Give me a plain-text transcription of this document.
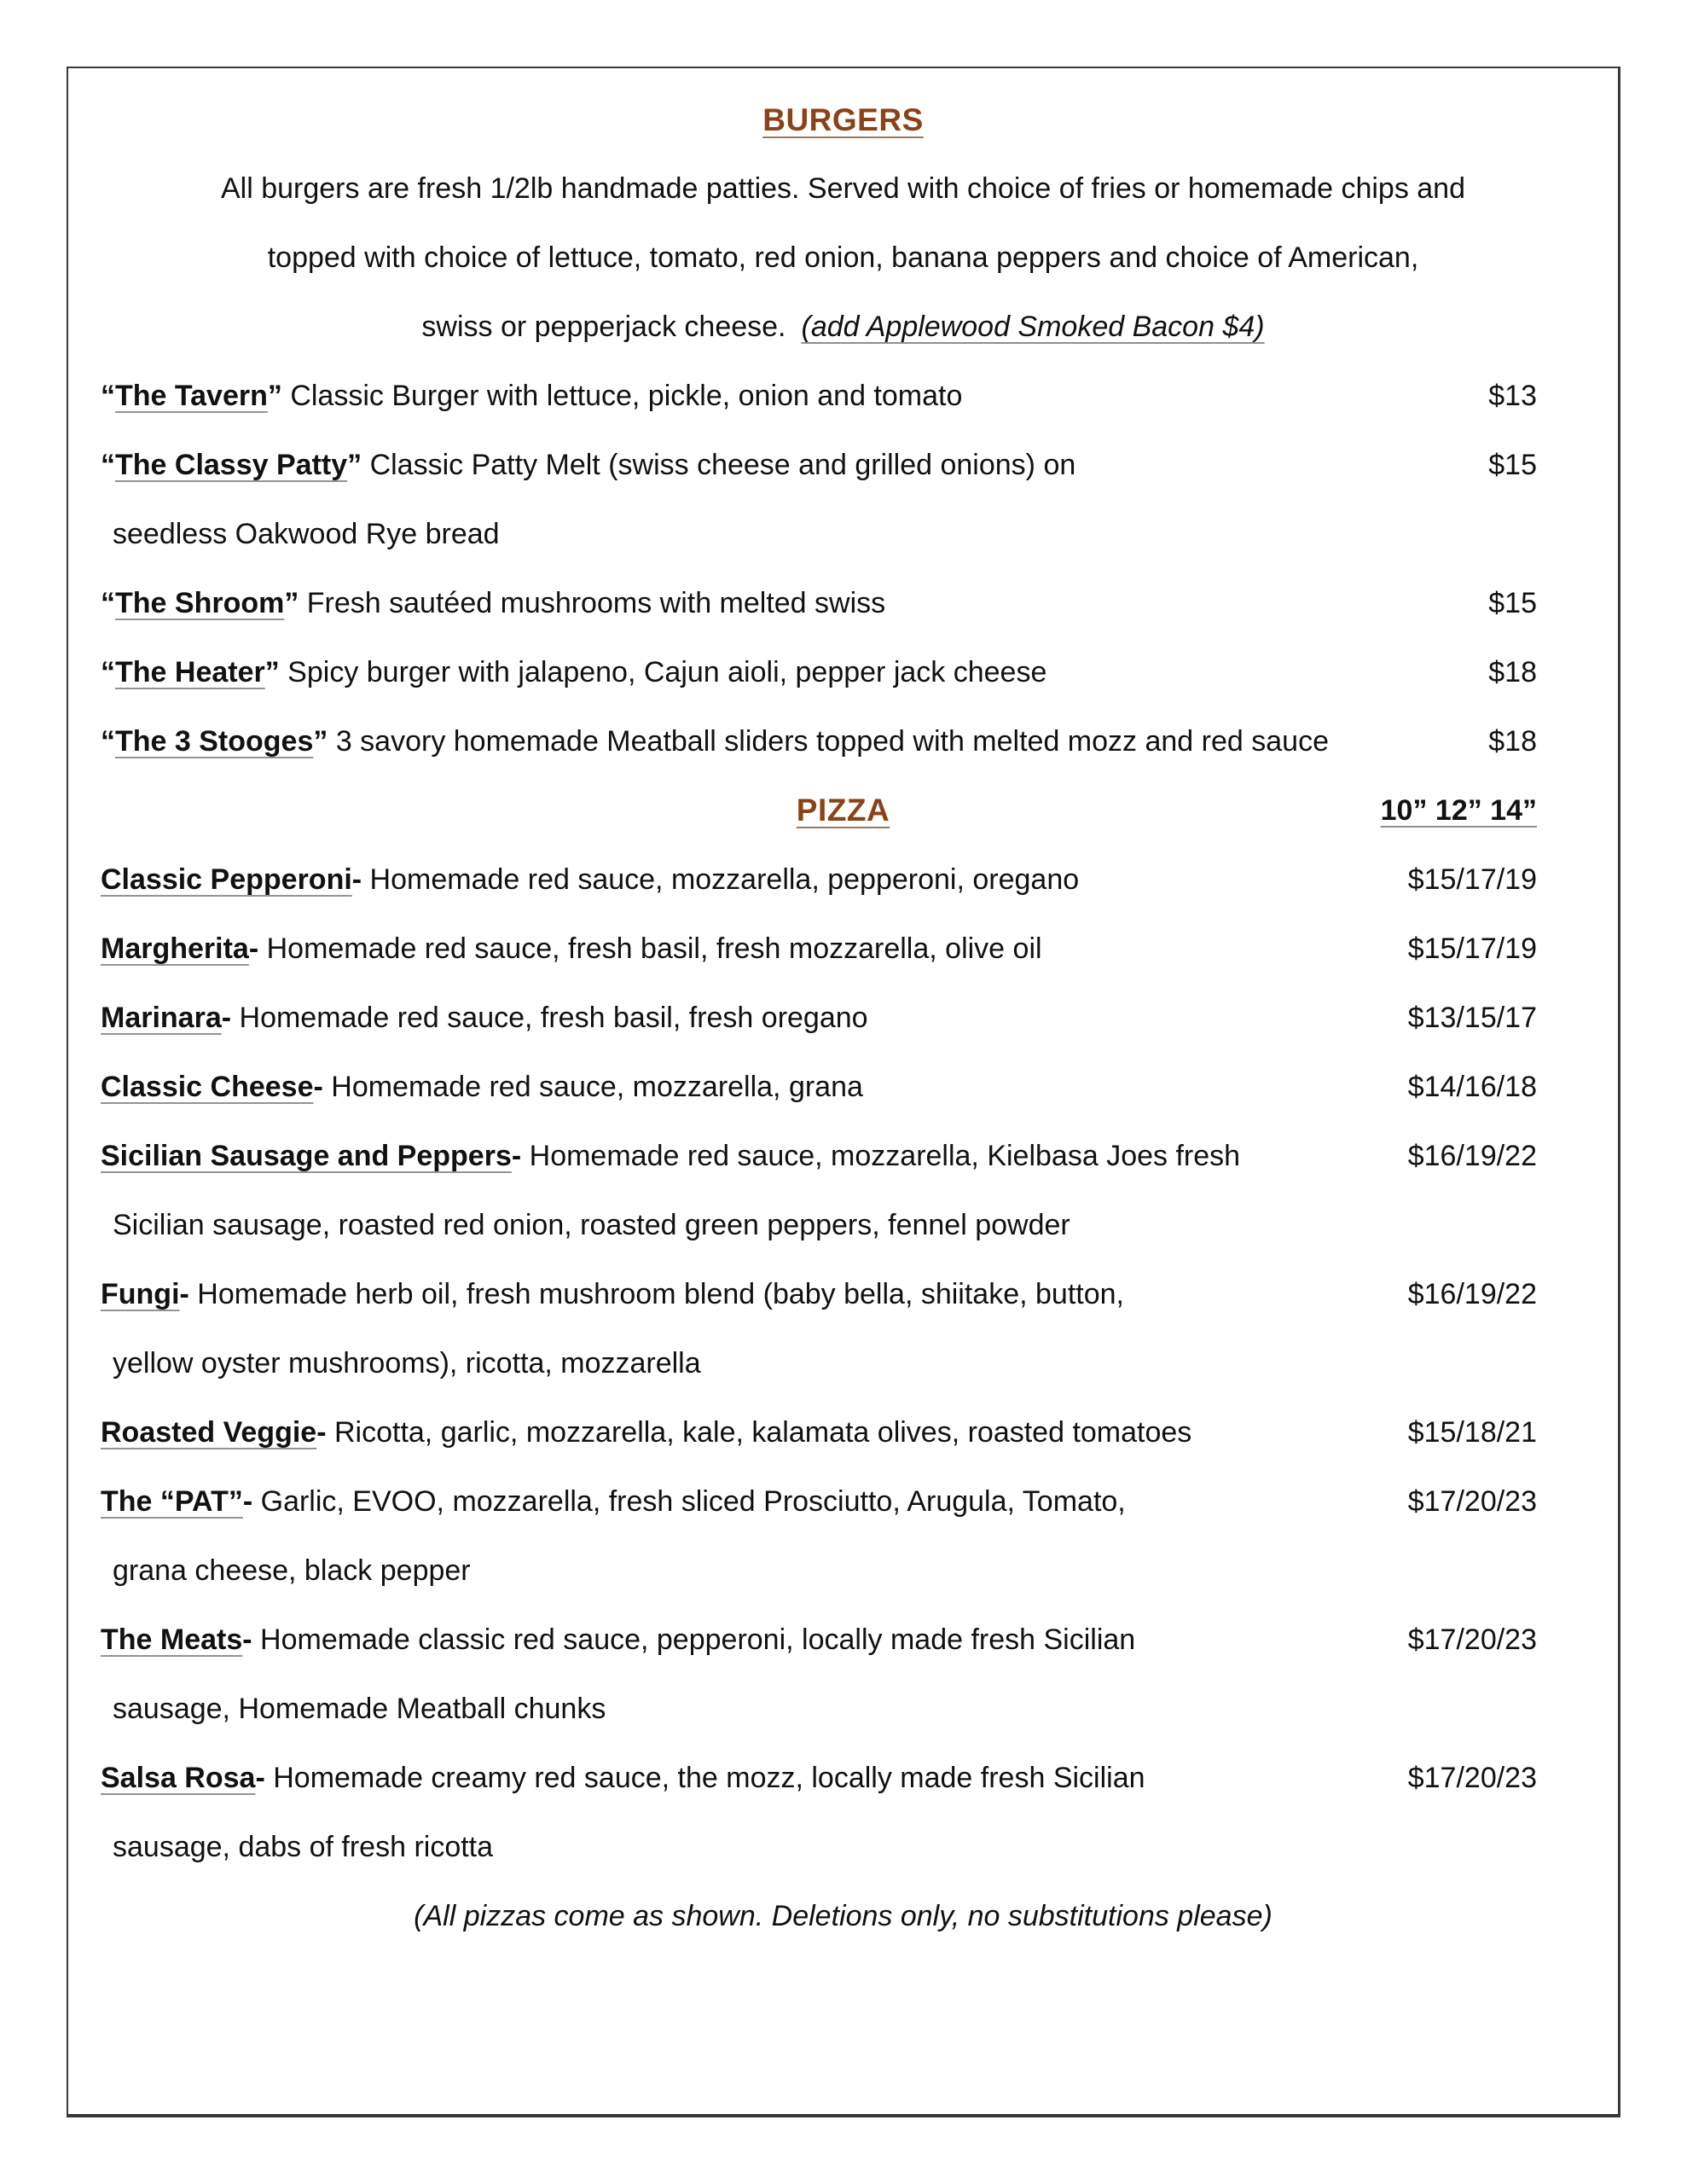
BURGERS
All burgers are fresh 1/2lb handmade patties. Served with choice of fries or homemade chips and
topped with choice of lettuce, tomato, red onion, banana peppers and choice of American,
swiss or pepperjack cheese. (add Applewood Smoked Bacon $4)
“The Tavern” Classic Burger with lettuce, pickle, onion and tomato	$13
“The Classy Patty” Classic Patty Melt (swiss cheese and grilled onions) on	$15
seedless Oakwood Rye bread
“The Shroom” Fresh sautéed mushrooms with melted swiss	$15
“The Heater” Spicy burger with jalapeno, Cajun aioli, pepper jack cheese	$18
“The 3 Stooges” 3 savory homemade Meatball sliders topped with melted mozz and red sauce	$18
PIZZA	10” 12” 14”
Classic Pepperoni- Homemade red sauce, mozzarella, pepperoni, oregano	$15/17/19
Margherita- Homemade red sauce, fresh basil, fresh mozzarella, olive oil	$15/17/19
Marinara- Homemade red sauce, fresh basil, fresh oregano	$13/15/17
Classic Cheese- Homemade red sauce, mozzarella, grana	$14/16/18
Sicilian Sausage and Peppers- Homemade red sauce, mozzarella, Kielbasa Joes fresh	$16/19/22
Sicilian sausage, roasted red onion, roasted green peppers, fennel powder
Fungi- Homemade herb oil, fresh mushroom blend (baby bella, shiitake, button,	$16/19/22
yellow oyster mushrooms), ricotta, mozzarella
Roasted Veggie- Ricotta, garlic, mozzarella, kale, kalamata olives, roasted tomatoes	$15/18/21
The “PAT”- Garlic, EVOO, mozzarella, fresh sliced Prosciutto, Arugula, Tomato,	$17/20/23
grana cheese, black pepper
The Meats- Homemade classic red sauce, pepperoni, locally made fresh Sicilian	$17/20/23
sausage, Homemade Meatball chunks
Salsa Rosa- Homemade creamy red sauce, the mozz, locally made fresh Sicilian	$17/20/23
sausage, dabs of fresh ricotta
(All pizzas come as shown. Deletions only, no substitutions please)
